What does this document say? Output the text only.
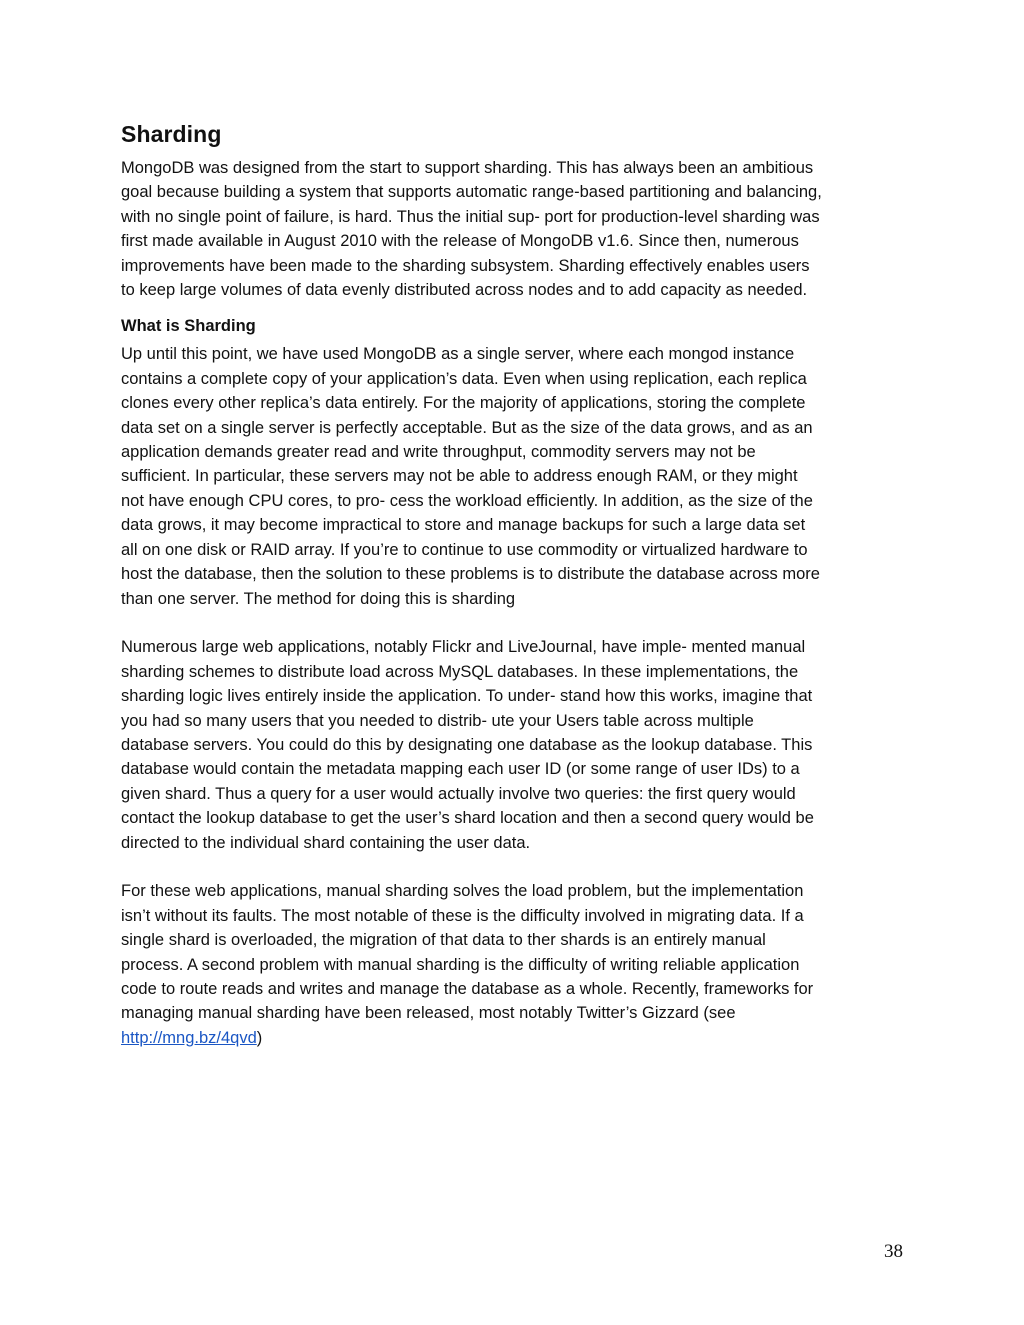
Sharding

MongoDB was designed from the start to support sharding. This has always been an ambitious
goal because building a system that supports automatic range-based partitioning and balancing,
with no single point of failure, is hard. Thus the initial sup- port for production-level sharding was
first made available in August 2010 with the release of MongoDB v1.6. Since then, numerous
improvements have been made to the sharding subsystem. Sharding effectively enables users
to keep large volumes of data evenly distributed across nodes and to add capacity as needed.

What is Sharding

Up until this point, we have used MongoDB as a single server, where each mongod instance
contains a complete copy of your application’s data. Even when using replication, each replica
clones every other replica’s data entirely. For the majority of applications, storing the complete
data set on a single server is perfectly acceptable. But as the size of the data grows, and as an
application demands greater read and write throughput, commodity servers may not be
sufficient. In particular, these servers may not be able to address enough RAM, or they might
not have enough CPU cores, to pro- cess the workload efficiently. In addition, as the size of the
data grows, it may become impractical to store and manage backups for such a large data set
all on one disk or RAID array. If you’re to continue to use commodity or virtualized hardware to
host the database, then the solution to these problems is to distribute the database across more
than one server. The method for doing this is sharding

Numerous large web applications, notably Flickr and LiveJournal, have imple- mented manual
sharding schemes to distribute load across MySQL databases. In these implementations, the
sharding logic lives entirely inside the application. To under- stand how this works, imagine that
you had so many users that you needed to distrib- ute your Users table across multiple
database servers. You could do this by designating one database as the lookup database. This
database would contain the metadata mapping each user ID (or some range of user IDs) to a
given shard. Thus a query for a user would actually involve two queries: the first query would
contact the lookup database to get the user’s shard location and then a second query would be
directed to the individual shard containing the user data.

For these web applications, manual sharding solves the load problem, but the implementation
isn’t without its faults. The most notable of these is the difficulty involved in migrating data. If a
single shard is overloaded, the migration of that data to ther shards is an entirely manual
process. A second problem with manual sharding is the difficulty of writing reliable application
code to route reads and writes and manage the database as a whole. Recently, frameworks for
managing manual sharding have been released, most notably Twitter’s Gizzard (see
http://mng.bz/4qvd)

38
